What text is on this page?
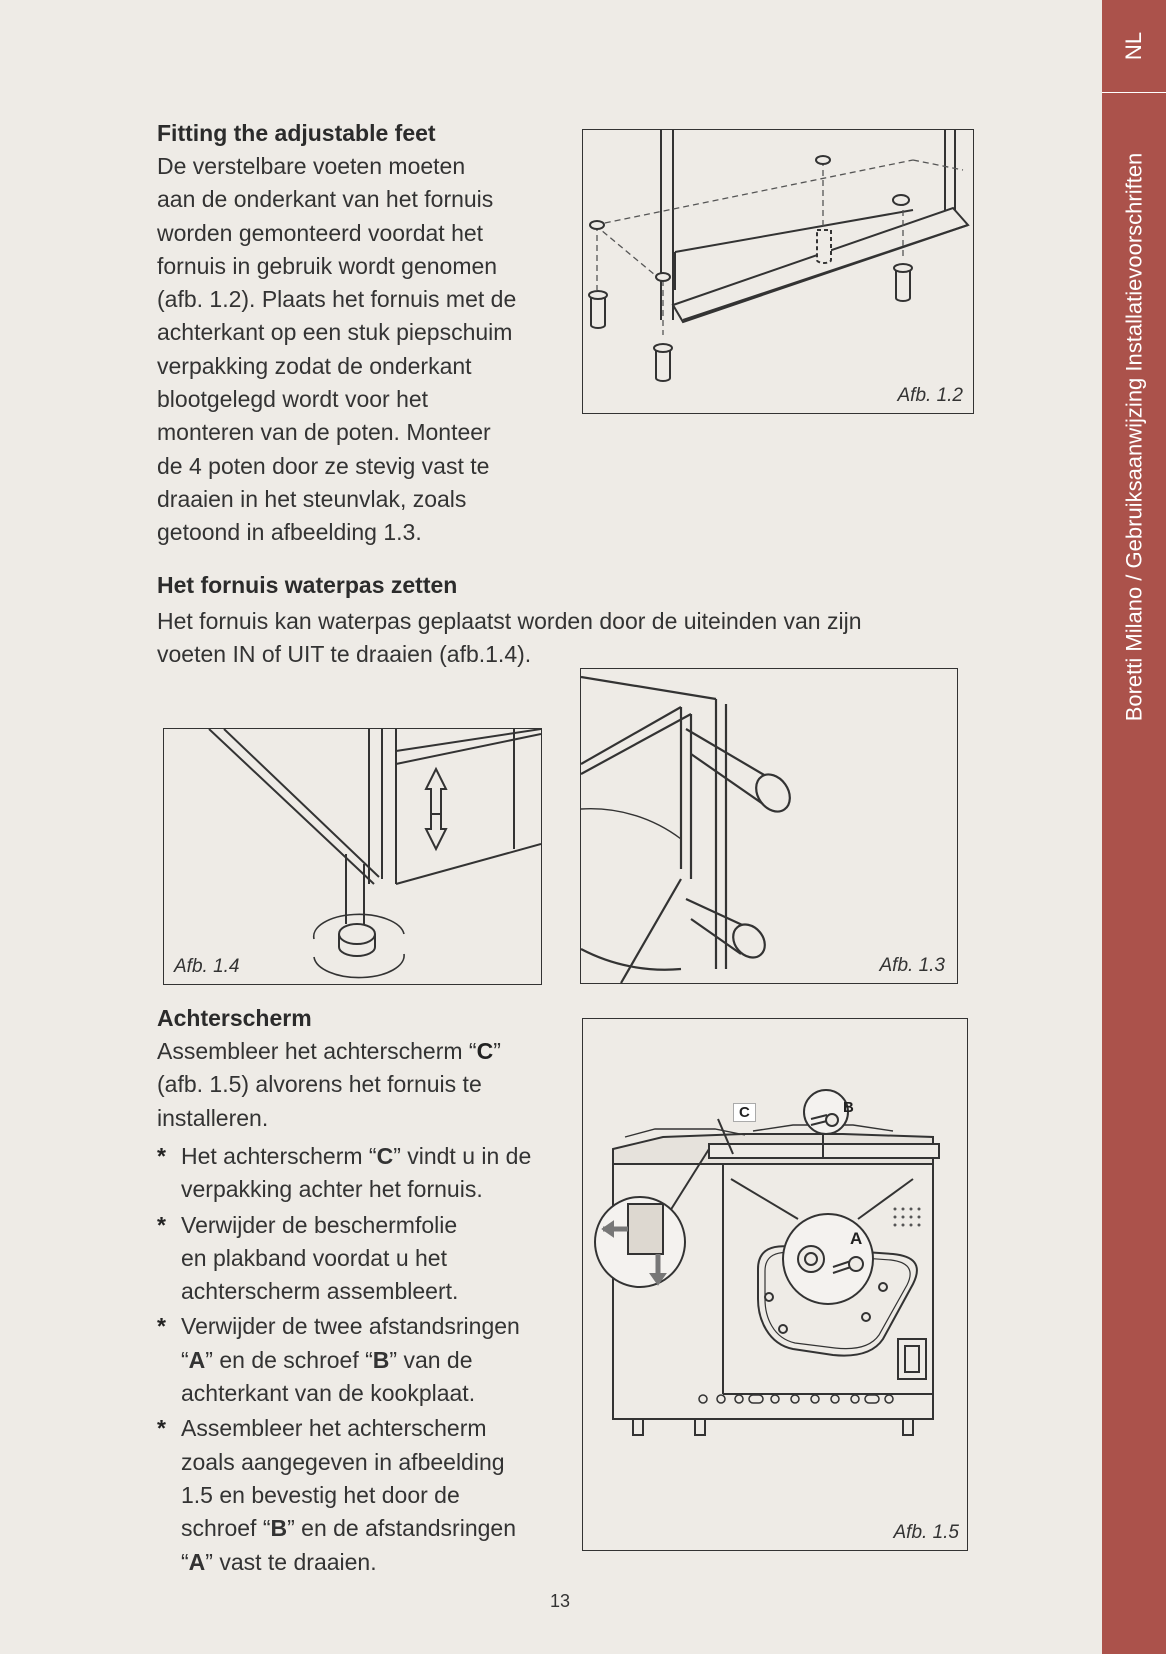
NL
Boretti Milano / Gebruiksaanwijzing Installatievoorschriften
Fitting the adjustable feet
De verstelbare voeten moeten
aan de onderkant van het fornuis
worden gemonteerd voordat het
fornuis in gebruik wordt genomen
(afb. 1.2). Plaats het fornuis met de
achterkant op een stuk piepschuim
verpakking zodat de onderkant
blootgelegd wordt voor het
monteren van de poten. Monteer
de 4 poten door ze stevig vast te
draaien in het steunvlak, zoals
getoond in afbeelding 1.3.
Afb. 1.2
Het fornuis waterpas zetten
Het fornuis kan waterpas geplaatst worden door de uiteinden van zijn
voeten IN of UIT te draaien (afb.1.4).
Afb. 1.4	Afb. 1.3
Achterscherm
Assembleer het achterscherm “C”
(afb. 1.5) alvorens het fornuis te
installeren.
* Het achterscherm “C” vindt u in de
verpakking achter het fornuis.
* Verwijder de beschermfolie
en plakband voordat u het
achterscherm assembleert.
* Verwijder de twee afstandsringen
“A” en de schroef “B” van de
achterkant van de kookplaat.
* Assembleer het achterscherm
zoals aangegeven in afbeelding
1.5 en bevestig het door de
schroef “B” en de afstandsringen
“A” vast te draaien.
C	B
A
Afb. 1.5
13
